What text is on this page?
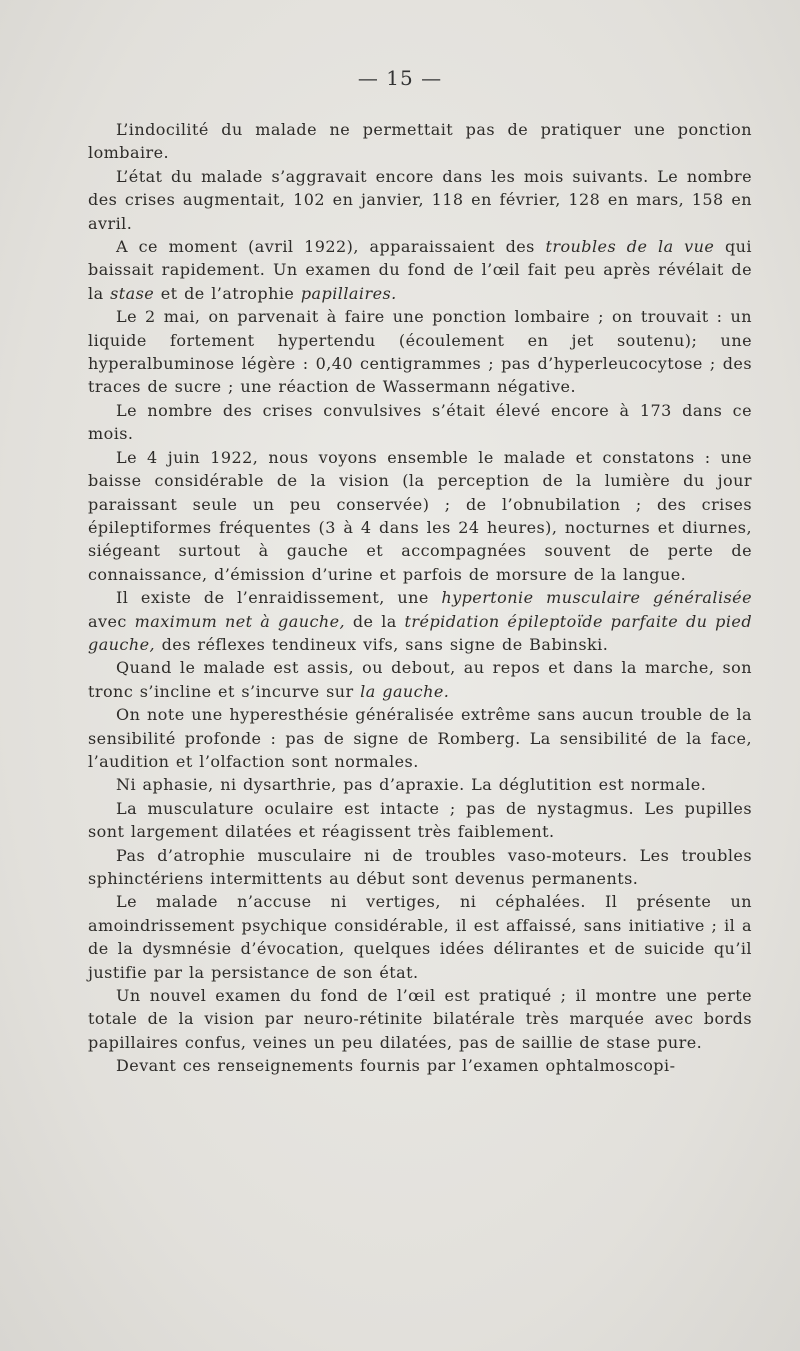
— 15 —

L’indocilité du malade ne permettait pas de pratiquer une ponction lombaire.

L’état du malade s’aggravait encore dans les mois suivants. Le nombre des crises augmentait, 102 en janvier, 118 en février, 128 en mars, 158 en avril.

A ce moment (avril 1922), apparaissaient des troubles de la vue qui baissait rapidement. Un examen du fond de l’œil fait peu après révélait de la stase et de l’atrophie papillaires.

Le 2 mai, on parvenait à faire une ponction lombaire ; on trouvait : un liquide fortement hypertendu (écoulement en jet soutenu); une hyperalbuminose légère : 0,40 centigrammes ; pas d’hyperleucocytose ; des traces de sucre ; une réaction de Wassermann négative.

Le nombre des crises convulsives s’était élevé encore à 173 dans ce mois.

Le 4 juin 1922, nous voyons ensemble le malade et constatons : une baisse considérable de la vision (la perception de la lumière du jour paraissant seule un peu conservée) ; de l’obnubilation ; des crises épileptiformes fréquentes (3 à 4 dans les 24 heures), nocturnes et diurnes, siégeant surtout à gauche et accompagnées souvent de perte de connaissance, d’émission d’urine et parfois de morsure de la langue.

Il existe de l’enraidissement, une hypertonie musculaire généralisée avec maximum net à gauche, de la trépidation épileptoïde parfaite du pied gauche, des réflexes tendineux vifs, sans signe de Babinski.

Quand le malade est assis, ou debout, au repos et dans la marche, son tronc s’incline et s’incurve sur la gauche.

On note une hyperesthésie généralisée extrême sans aucun trouble de la sensibilité profonde : pas de signe de Romberg. La sensibilité de la face, l’audition et l’olfaction sont normales.

Ni aphasie, ni dysarthrie, pas d’apraxie. La déglutition est normale.

La musculature oculaire est intacte ; pas de nystagmus. Les pupilles sont largement dilatées et réagissent très faiblement.

Pas d’atrophie musculaire ni de troubles vaso-moteurs. Les troubles sphinctériens intermittents au début sont devenus permanents.

Le malade n’accuse ni vertiges, ni céphalées. Il présente un amoindrissement psychique considérable, il est affaissé, sans initiative ; il a de la dysmnésie d’évocation, quelques idées délirantes et de suicide qu’il justifie par la persistance de son état.

Un nouvel examen du fond de l’œil est pratiqué ; il montre une perte totale de la vision par neuro-rétinite bilatérale très marquée avec bords papillaires confus, veines un peu dilatées, pas de saillie de stase pure.

Devant ces renseignements fournis par l’examen ophtalmoscopi-
